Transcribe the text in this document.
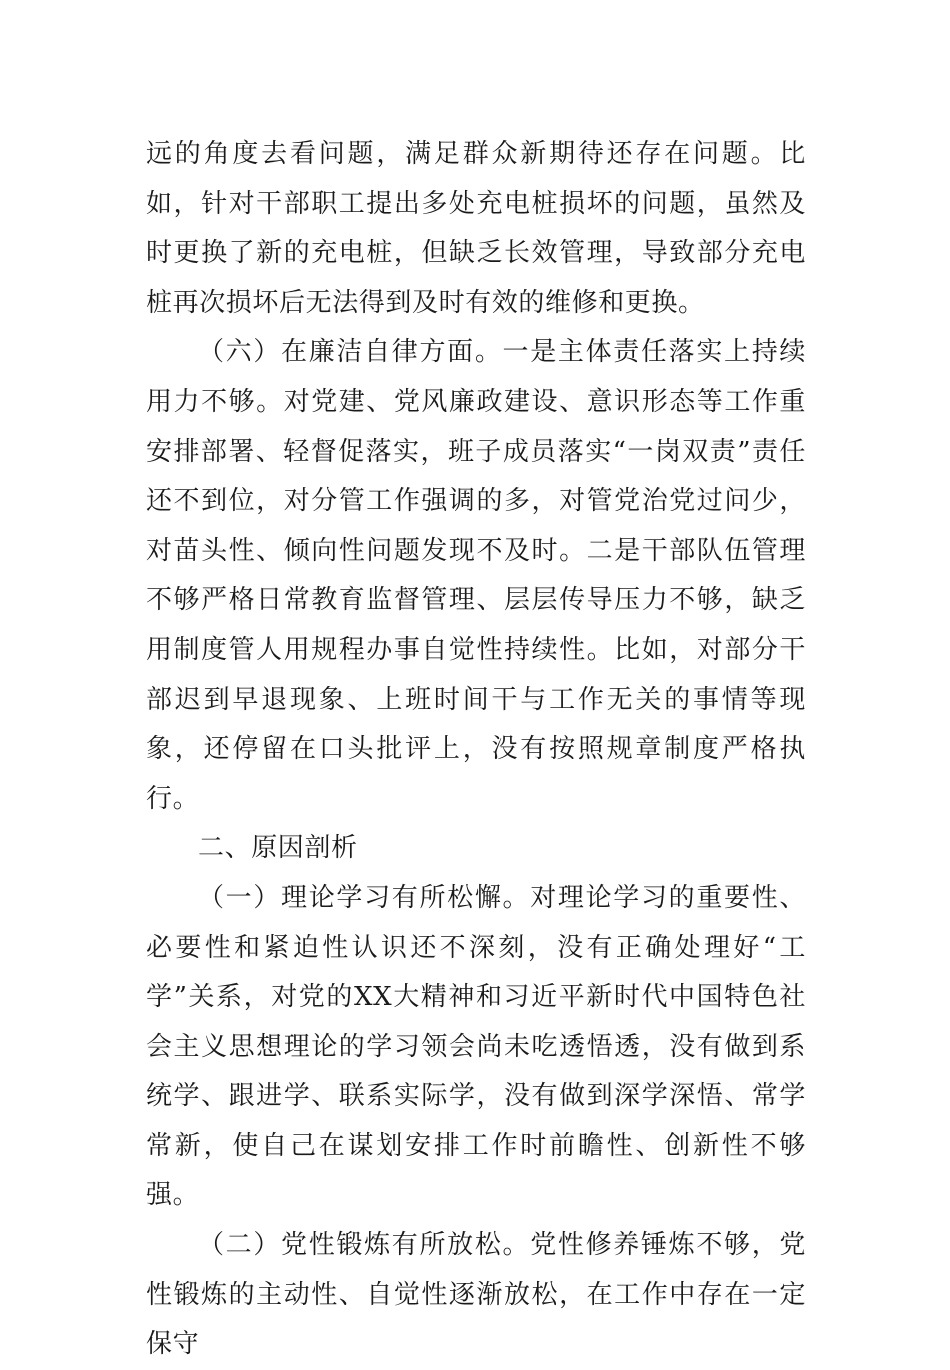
远的角度去看问题，满足群众新期待还存在问题。比如，针对干部职工提出多处充电桩损坏的问题，虽然及时更换了新的充电桩，但缺乏长效管理，导致部分充电桩再次损坏后无法得到及时有效的维修和更换。

（六）在廉洁自律方面。一是主体责任落实上持续用力不够。对党建、党风廉政建设、意识形态等工作重安排部署、轻督促落实，班子成员落实“一岗双责”责任还不到位，对分管工作强调的多，对管党治党过问少，对苗头性、倾向性问题发现不及时。二是干部队伍管理不够严格日常教育监督管理、层层传导压力不够，缺乏用制度管人用规程办事自觉性持续性。比如，对部分干部迟到早退现象、上班时间干与工作无关的事情等现象，还停留在口头批评上，没有按照规章制度严格执行。

二、原因剖析

（一）理论学习有所松懈。对理论学习的重要性、必要性和紧迫性认识还不深刻，没有正确处理好“工学”关系，对党的XX大精神和习近平新时代中国特色社会主义思想理论的学习领会尚未吃透悟透，没有做到系统学、跟进学、联系实际学，没有做到深学深悟、常学常新，使自己在谋划安排工作时前瞻性、创新性不够强。

（二）党性锻炼有所放松。党性修养锤炼不够，党性锻炼的主动性、自觉性逐渐放松，在工作中存在一定保守
